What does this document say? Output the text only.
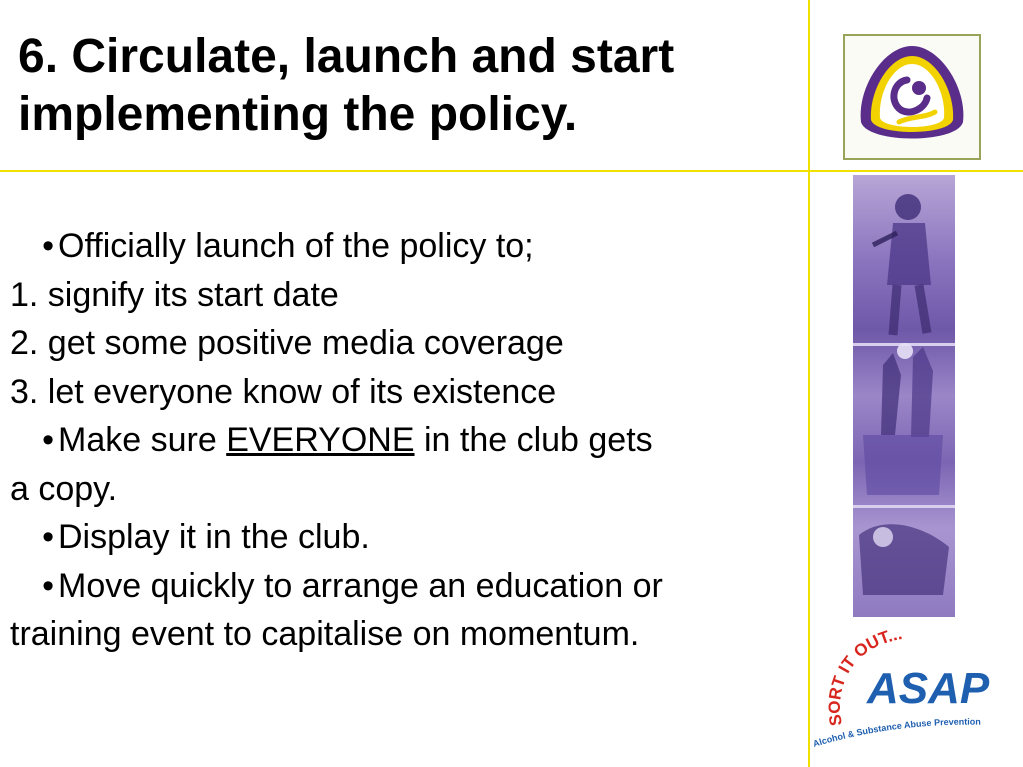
6. Circulate, launch and start implementing the policy.
• Officially launch of the policy to;
1. signify its start date
2. get some positive media coverage
3. let everyone know of its existence
• Make sure EVERYONE in the club gets
a copy.
• Display it in the club.
• Move quickly to arrange an education or
training event to capitalise on momentum.
SORT IT OUT...
ASAP
Alcohol & Substance Abuse Prevention
